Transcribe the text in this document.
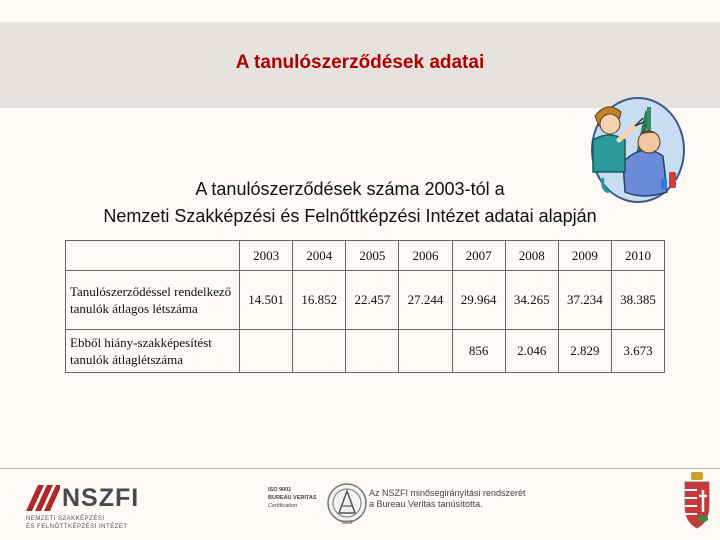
A tanulószerződések adatai
A tanulószerződések száma 2003-tól a
Nemzeti Szakképzési és Felnőttképzési Intézet adatai alapján
	2003	2004	2005	2006	2007	2008	2009	2010
Tanulószerződéssel rendelkező tanulók átlagos létszáma	14.501	16.852	22.457	27.244	29.964	34.265	37.234	38.385
Ebből hiány-szakképesítést tanulók átlaglétszáma					856	2.046	2.829	3.673
NSZFI
NEMZETI SZAKKÉPZÉSI
ÉS FELNŐTTKÉPZÉSI INTÉZET
ISO 9001
BUREAU VERITAS
Certification
1828
Az NSZFI minőségirányítási rendszerét a Bureau Veritas tanúsította.
